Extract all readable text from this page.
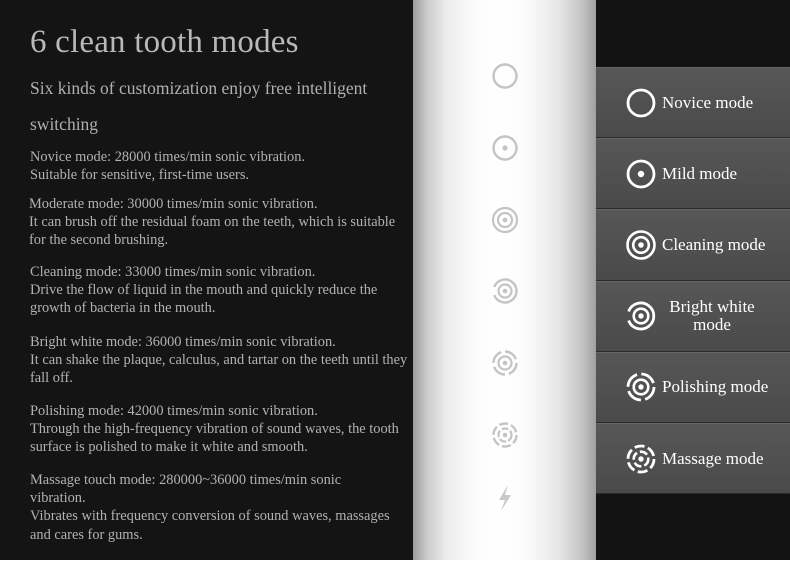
6 clean tooth modes

Six kinds of customization enjoy free intelligent switching

Novice mode: 28000 times/min sonic vibration.
Suitable for sensitive, first-time users.
Moderate mode: 30000 times/min sonic vibration.
It can brush off the residual foam on the teeth, which is suitable for the second brushing.
Cleaning mode: 33000 times/min sonic vibration.
Drive the flow of liquid in the mouth and quickly reduce the growth of bacteria in the mouth.
Bright white mode: 36000 times/min sonic vibration.
It can shake the plaque, calculus, and tartar on the teeth until they fall off.
Polishing mode: 42000 times/min sonic vibration.
Through the high-frequency vibration of sound waves, the tooth surface is polished to make it white and smooth.
Massage touch mode: 280000~36000 times/min sonic vibration.
Vibrates with frequency conversion of sound waves, massages and cares for gums.
Novice mode
Mild mode
Cleaning mode
Bright white mode
Polishing mode
Massage mode
